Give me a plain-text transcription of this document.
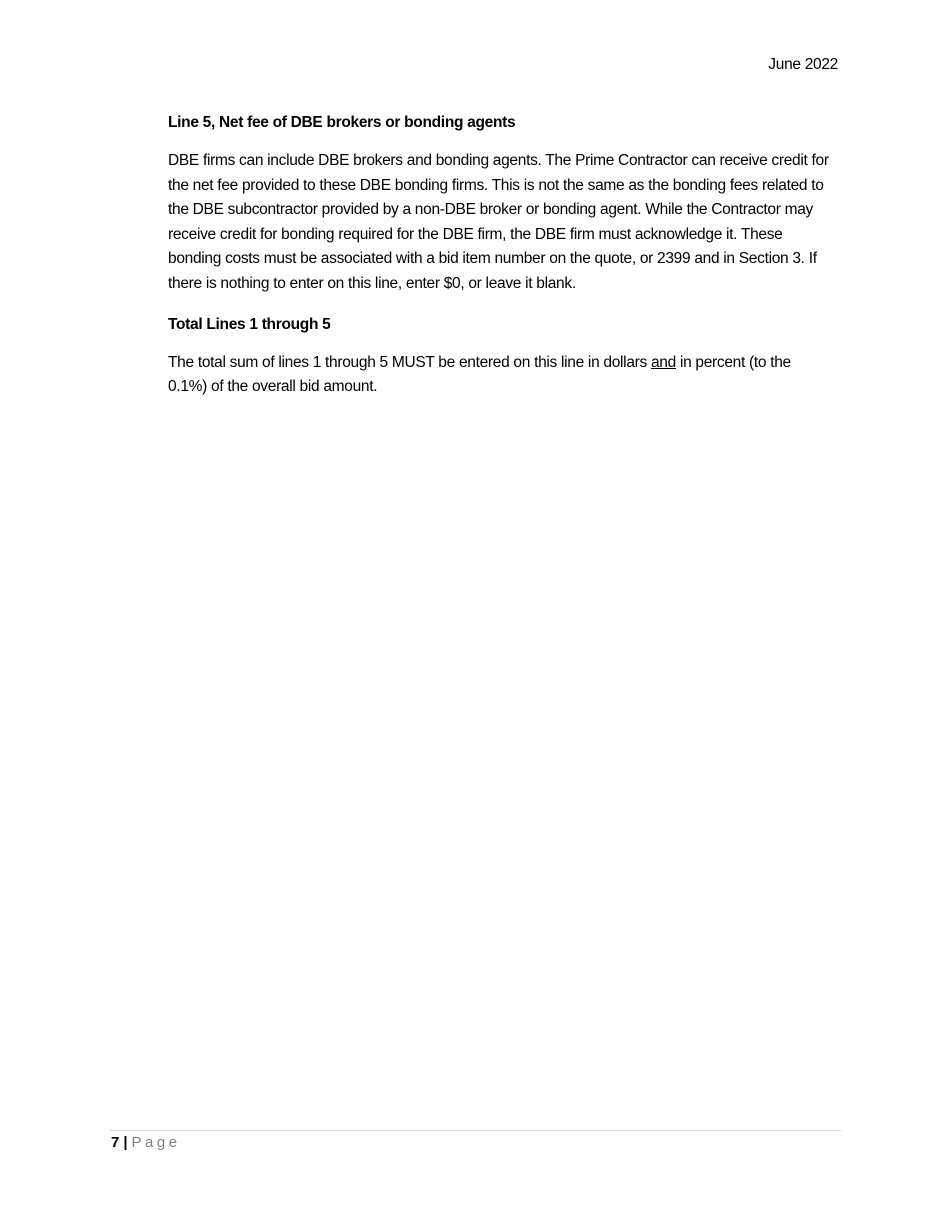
June 2022
Line 5, Net fee of DBE brokers or bonding agents

DBE firms can include DBE brokers and bonding agents. The Prime Contractor can receive credit for the net fee provided to these DBE bonding firms. This is not the same as the bonding fees related to the DBE subcontractor provided by a non-DBE broker or bonding agent. While the Contractor may receive credit for bonding required for the DBE firm, the DBE firm must acknowledge it. These bonding costs must be associated with a bid item number on the quote, or 2399 and in Section 3. If there is nothing to enter on this line, enter $0, or leave it blank.

Total Lines 1 through 5

The total sum of lines 1 through 5 MUST be entered on this line in dollars and in percent (to the 0.1%) of the overall bid amount.

7 | Page
